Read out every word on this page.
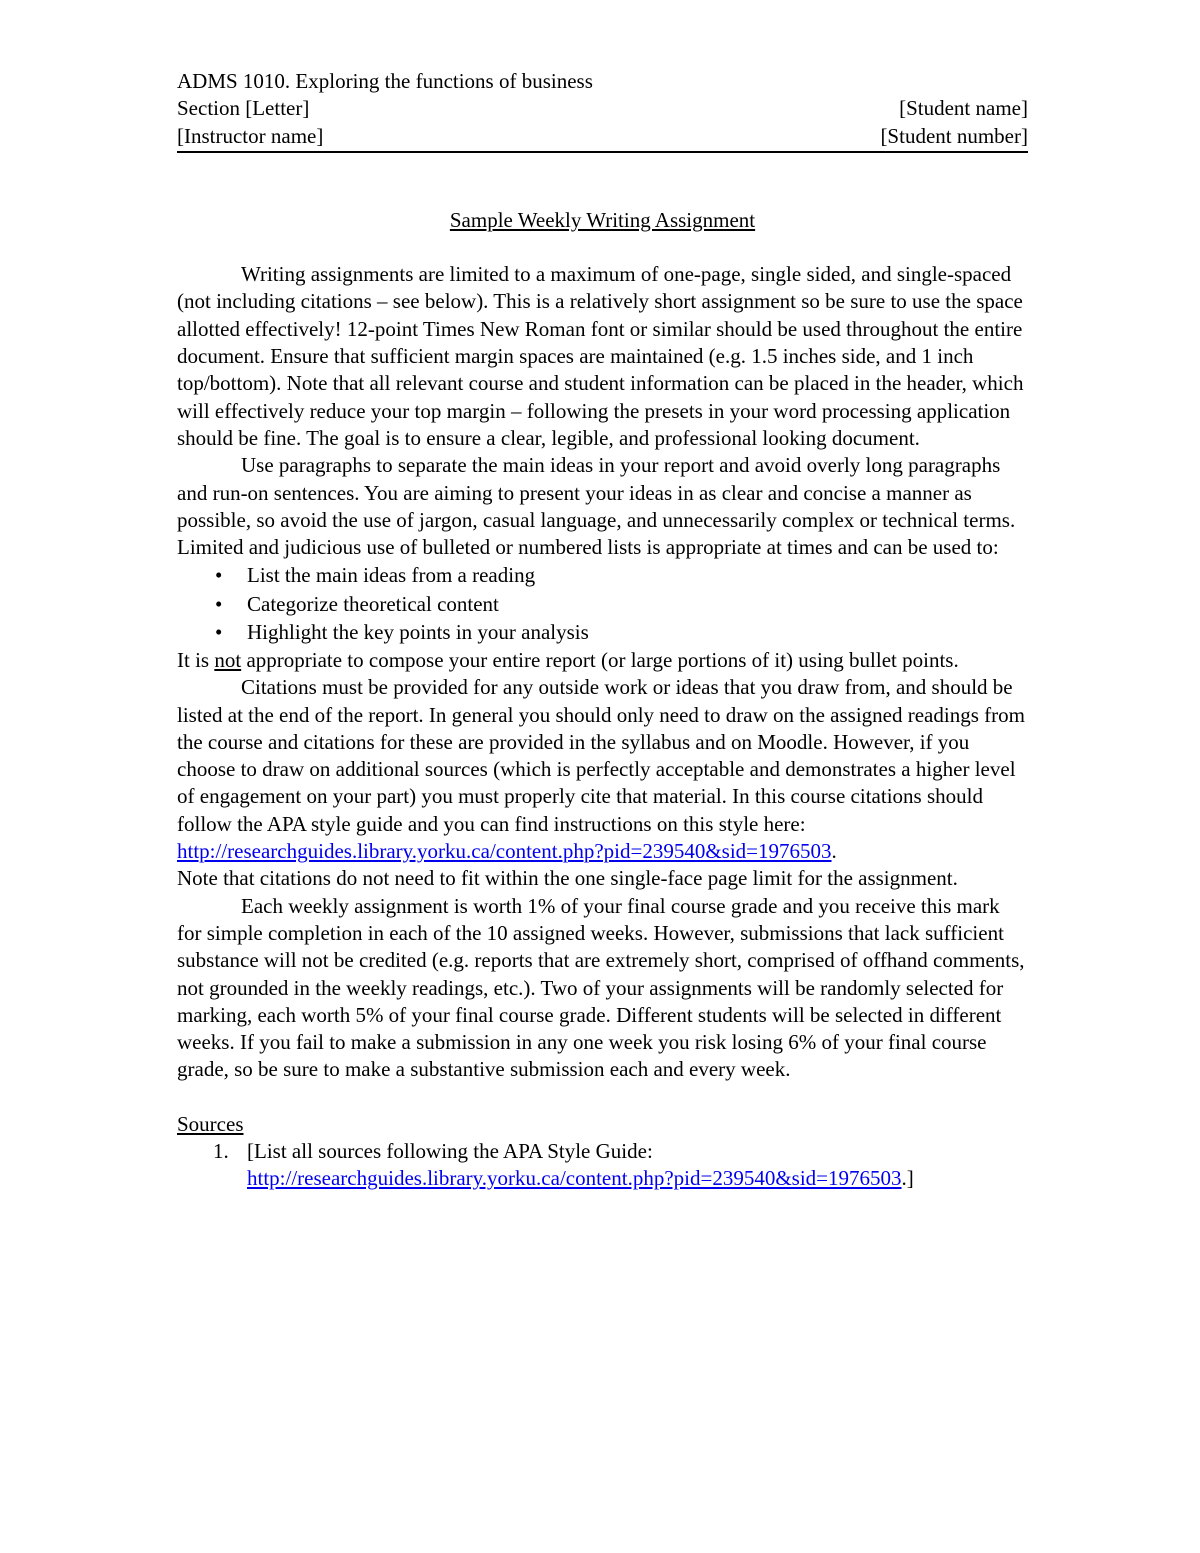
ADMS 1010. Exploring the functions of business
Section [Letter]	[Student name]
[Instructor name]	[Student number]
Sample Weekly Writing Assignment

Writing assignments are limited to a maximum of one-page, single sided, and single-spaced (not including citations – see below). This is a relatively short assignment so be sure to use the space allotted effectively! 12-point Times New Roman font or similar should be used throughout the entire document. Ensure that sufficient margin spaces are maintained (e.g. 1.5 inches side, and 1 inch top/bottom). Note that all relevant course and student information can be placed in the header, which will effectively reduce your top margin – following the presets in your word processing application should be fine. The goal is to ensure a clear, legible, and professional looking document.

Use paragraphs to separate the main ideas in your report and avoid overly long paragraphs and run-on sentences. You are aiming to present your ideas in as clear and concise a manner as possible, so avoid the use of jargon, casual language, and unnecessarily complex or technical terms. Limited and judicious use of bulleted or numbered lists is appropriate at times and can be used to:

• List the main ideas from a reading
• Categorize theoretical content
• Highlight the key points in your analysis

It is not appropriate to compose your entire report (or large portions of it) using bullet points.

Citations must be provided for any outside work or ideas that you draw from, and should be listed at the end of the report. In general you should only need to draw on the assigned readings from the course and citations for these are provided in the syllabus and on Moodle. However, if you choose to draw on additional sources (which is perfectly acceptable and demonstrates a higher level of engagement on your part) you must properly cite that material. In this course citations should follow the APA style guide and you can find instructions on this style here: http://researchguides.library.yorku.ca/content.php?pid=239540&sid=1976503.

Note that citations do not need to fit within the one single-face page limit for the assignment.

Each weekly assignment is worth 1% of your final course grade and you receive this mark for simple completion in each of the 10 assigned weeks. However, submissions that lack sufficient substance will not be credited (e.g. reports that are extremely short, comprised of offhand comments, not grounded in the weekly readings, etc.). Two of your assignments will be randomly selected for marking, each worth 5% of your final course grade. Different students will be selected in different weeks. If you fail to make a submission in any one week you risk losing 6% of your final course grade, so be sure to make a substantive submission each and every week.

Sources
1. [List all sources following the APA Style Guide: http://researchguides.library.yorku.ca/content.php?pid=239540&sid=1976503.]
